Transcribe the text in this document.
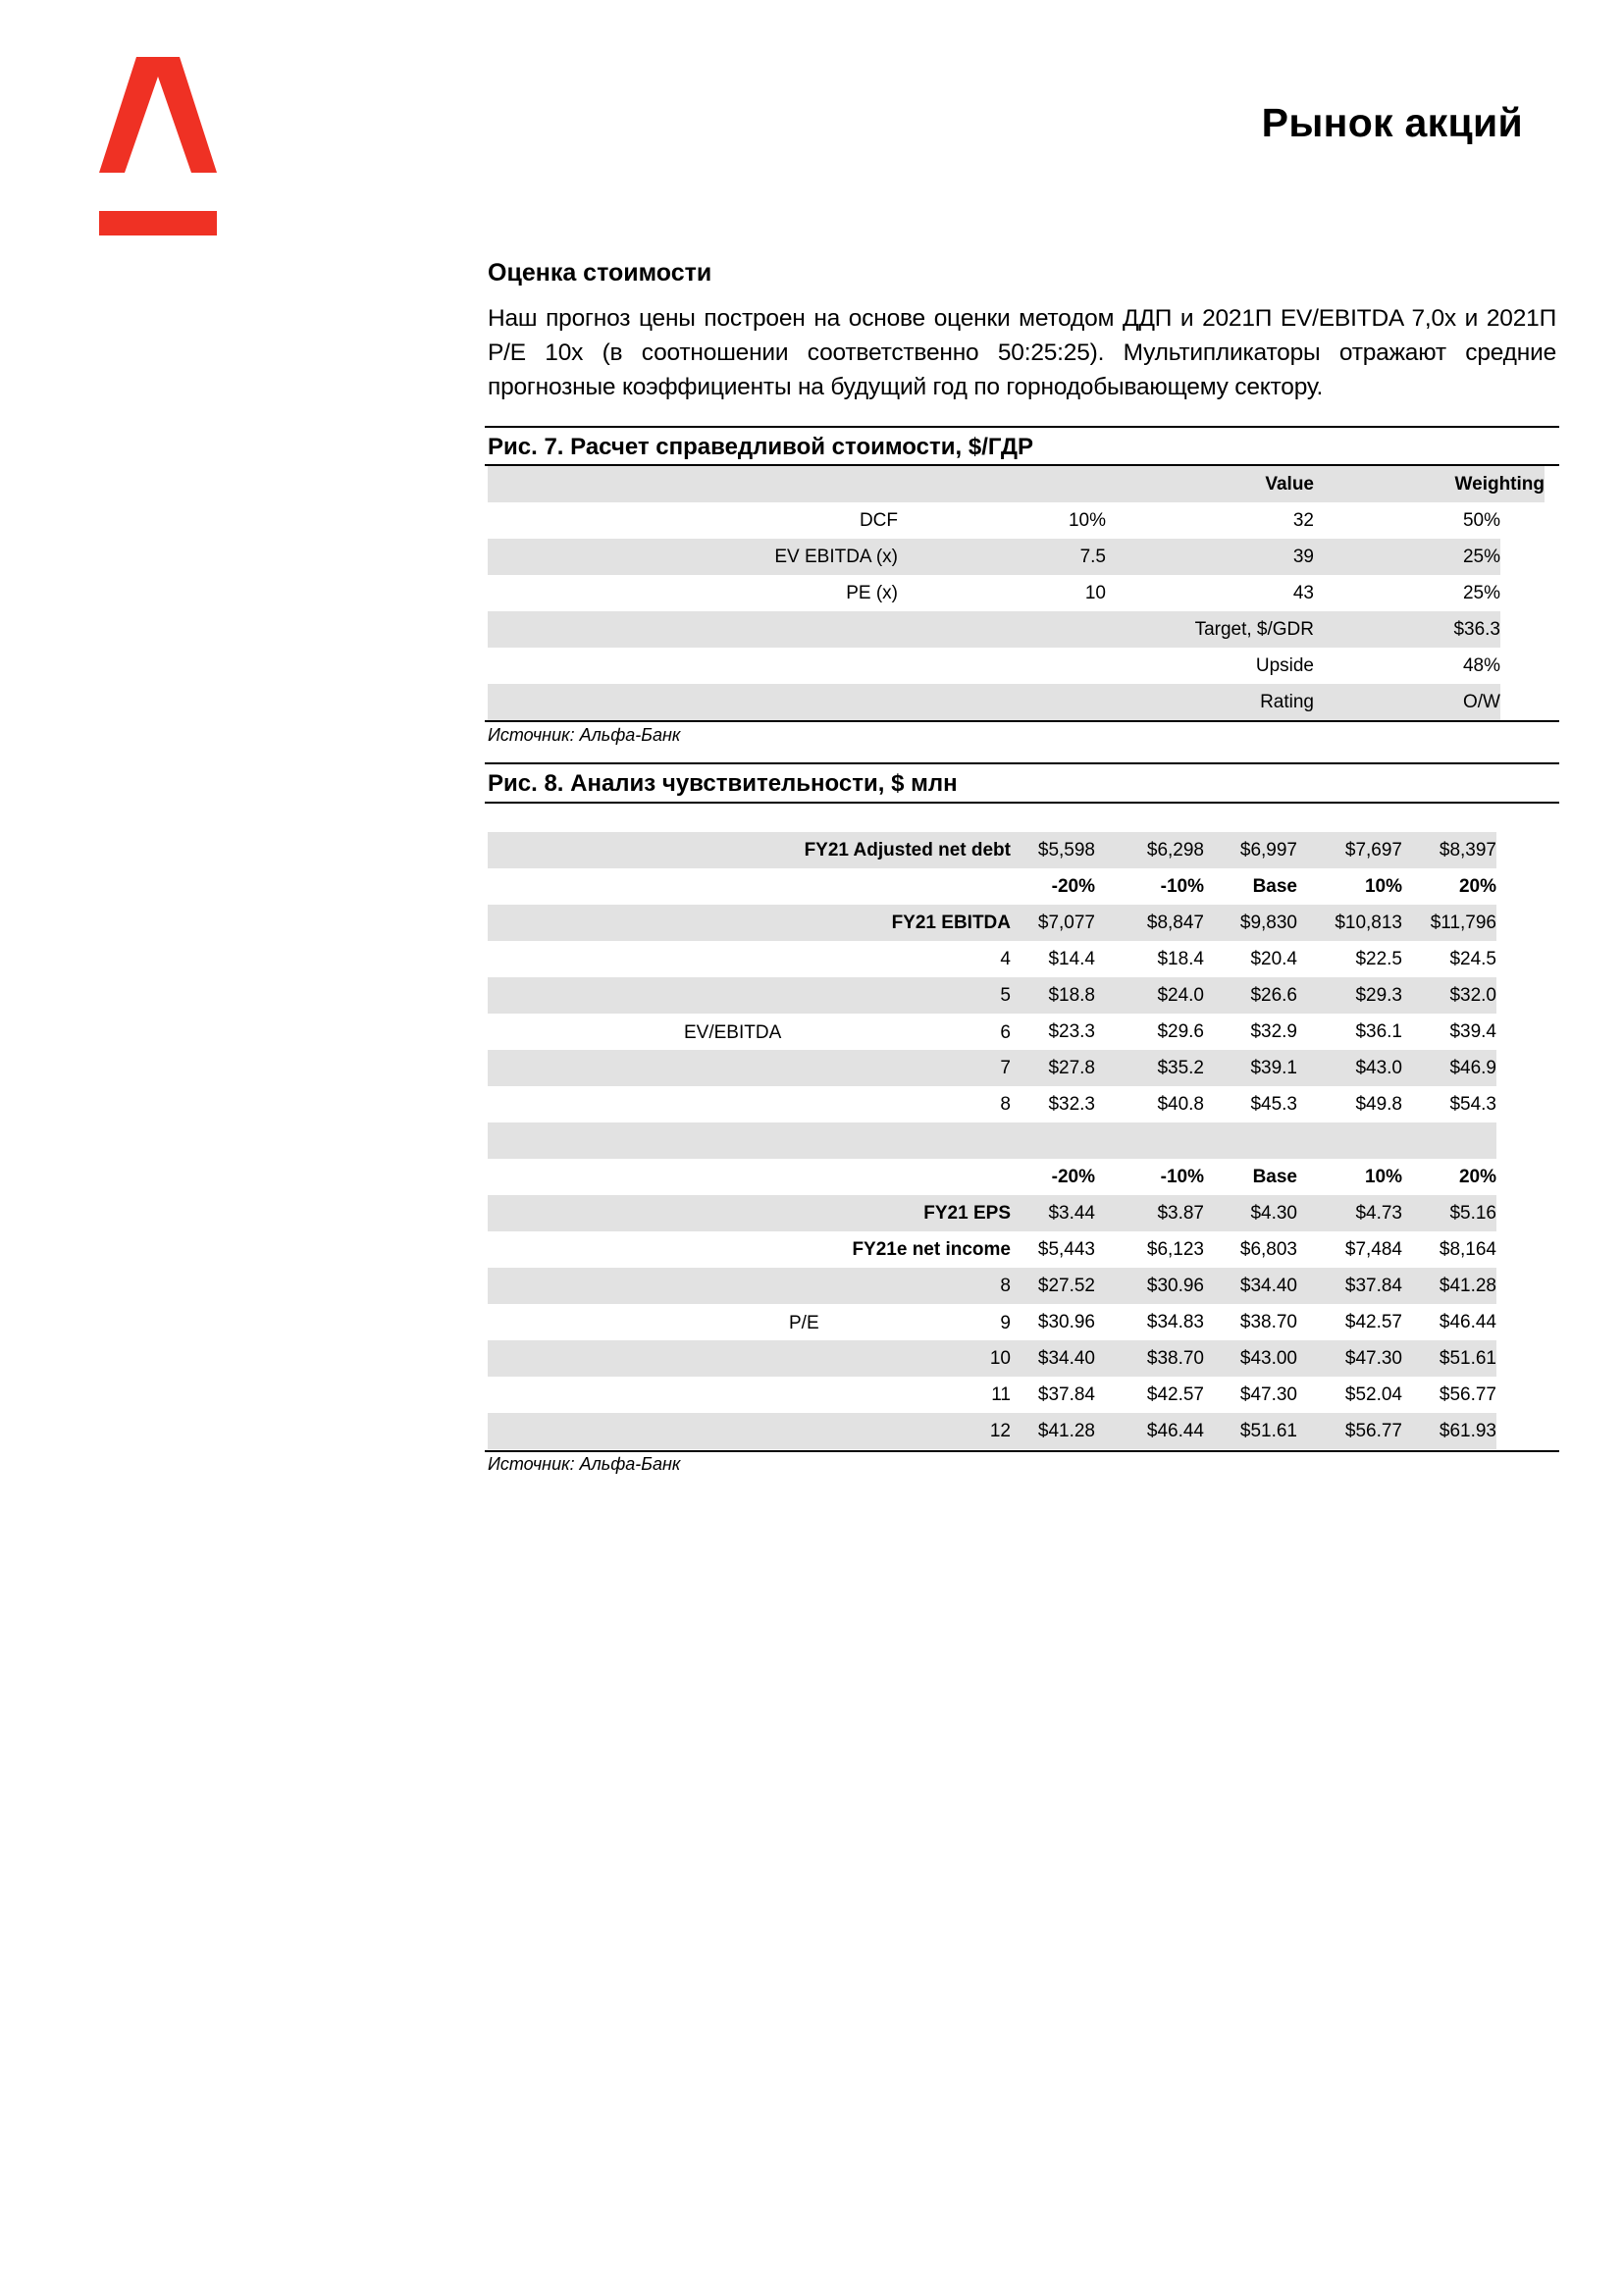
Рынок акций
Оценка стоимости
Наш прогноз цены построен на основе оценки методом ДДП и 2021П EV/EBITDA 7,0x и 2021П P/E 10x (в соотношении соответственно 50:25:25). Мультипликаторы отражают средние прогнозные коэффициенты на будущий год по горнодобывающему сектору.
Рис. 7. Расчет справедливой стоимости, $/ГДР
			Value	Weighting	
	DCF	10%	32	50%	
	EV EBITDA (x)	7.5	39	25%	
	PE (x)	10	43	25%	
			Target, $/GDR	$36.3	
			Upside	48%	
			Rating	O/W	
Источник: Альфа-Банк
Рис. 8. Анализ чувствительности, $ млн
	FY21 Adjusted net debt	$5,598	$6,298	$6,997	$7,697	$8,397
		-20%	-10%	Base	10%	20%
	FY21 EBITDA	$7,077	$8,847	$9,830	$10,813	$11,796
	4	$14.4	$18.4	$20.4	$22.5	$24.5
	5	$18.8	$24.0	$26.6	$29.3	$32.0

	EV/EBITDA 6	$23.3	$29.6	$32.9	$36.1	$39.4
	7	$27.8	$35.2	$39.1	$43.0	$46.9
	8	$32.3	$40.8	$45.3	$49.8	$54.3

		-20%	-10%	Base	10%	20%
	FY21 EPS	$3.44	$3.87	$4.30	$4.73	$5.16
	FY21e net income	$5,443	$6,123	$6,803	$7,484	$8,164
	8	$27.52	$30.96	$34.40	$37.84	$41.28

	P/E 9	$30.96	$34.83	$38.70	$42.57	$46.44
	10	$34.40	$38.70	$43.00	$47.30	$51.61
	11	$37.84	$42.57	$47.30	$52.04	$56.77
	12	$41.28	$46.44	$51.61	$56.77	$61.93
Источник: Альфа-Банк
